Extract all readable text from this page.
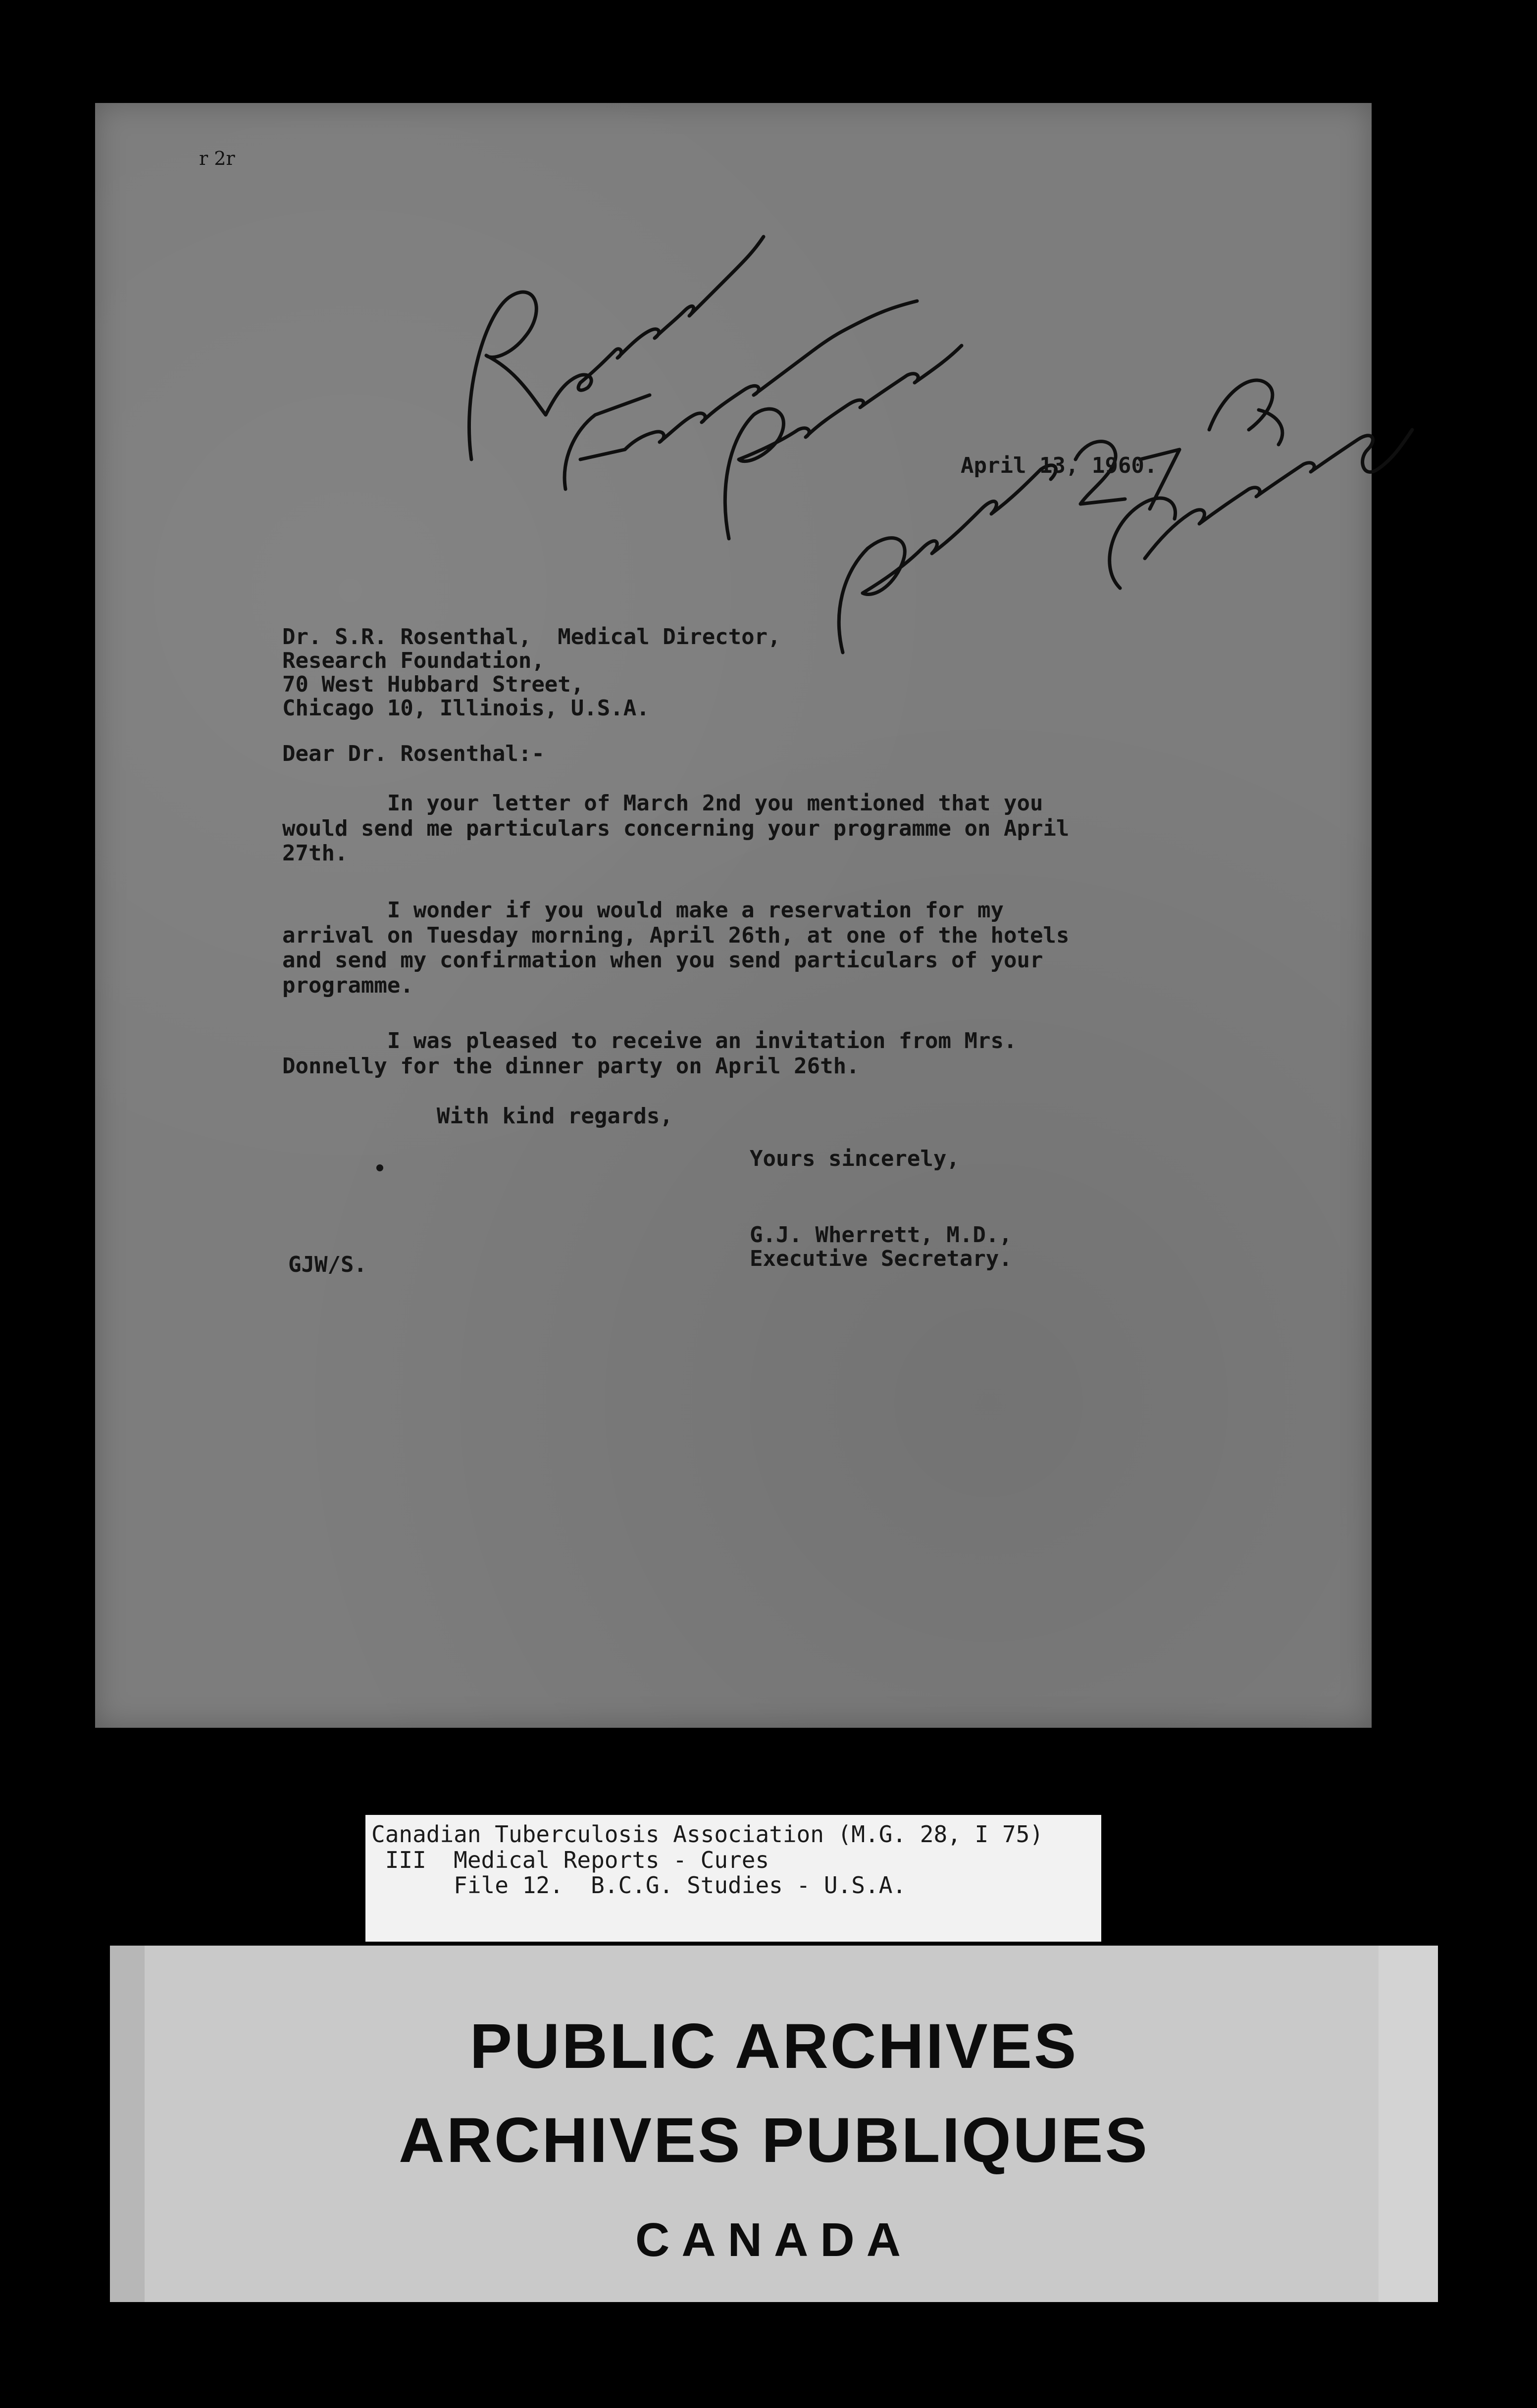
r 2r

April 13, 1960.

Dr. S.R. Rosenthal,  Medical Director,

Research Foundation,

70 West Hubbard Street,

Chicago 10, Illinois, U.S.A.

Dear Dr. Rosenthal:-

In your letter of March 2nd you mentioned that you
would send me particulars concerning your programme on April
27th.

I wonder if you would make a reservation for my
arrival on Tuesday morning, April 26th, at one of the hotels
and send my confirmation when you send particulars of your
programme.

I was pleased to receive an invitation from Mrs.
Donnelly for the dinner party on April 26th.

With kind regards,

Yours sincerely,

G.J. Wherrett, M.D.,

Executive Secretary.

GJW/S.

Canadian Tuberculosis Association (M.G. 28, I 75)
III  Medical Reports - Cures
File 12.  B.C.G. Studies - U.S.A.

PUBLIC ARCHIVES

ARCHIVES PUBLIQUES

CANADA
